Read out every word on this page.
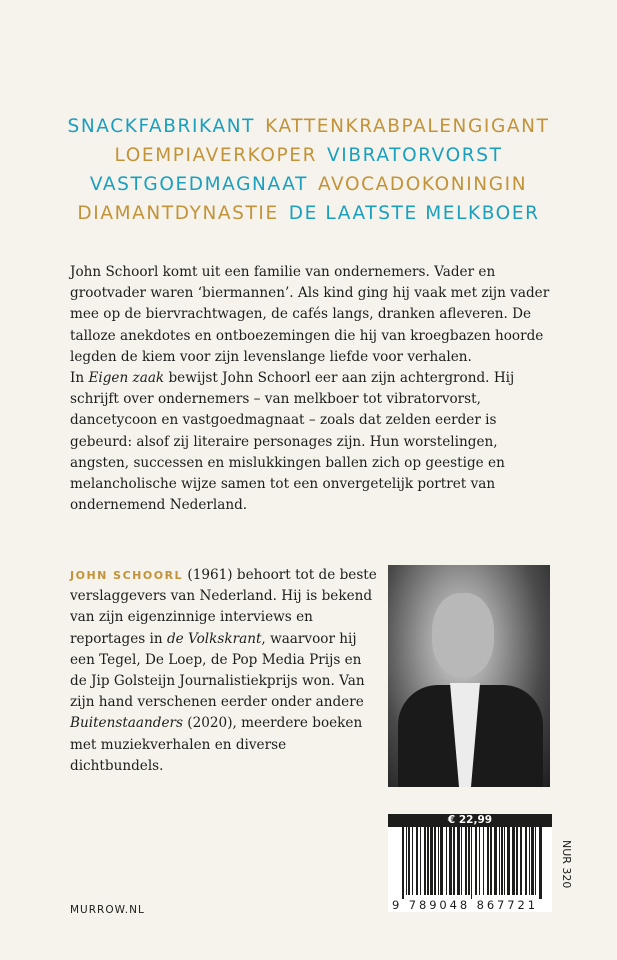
SNACKFABRIKANT KATTENKRABPALENGIGANT
LOEMPIAVERKOPER VIBRATORVORST
VASTGOEDMAGNAAT AVOCADOKONINGIN
DIAMANTDYNASTIE DE LAATSTE MELKBOER

John Schoorl komt uit een familie van ondernemers. Vader en grootvader waren ‘biermannen’. Als kind ging hij vaak met zijn vader mee op de biervrachtwagen, de cafés langs, dranken afleveren. De talloze anekdotes en ontboezemingen die hij van kroegbazen hoorde legden de kiem voor zijn levenslange liefde voor verhalen.

In Eigen zaak bewijst John Schoorl eer aan zijn achtergrond. Hij schrijft over ondernemers – van melkboer tot vibratorvorst, dancetycoon en vastgoedmagnaat – zoals dat zelden eerder is gebeurd: alsof zij literaire personages zijn. Hun worstelingen, angsten, successen en mislukkingen ballen zich op geestige en melancholische wijze samen tot een onvergetelijk portret van ondernemend Nederland.

JOHN SCHOORL (1961) behoort tot de beste verslaggevers van Nederland. Hij is bekend van zijn eigenzinnige interviews en reportages in de Volkskrant, waarvoor hij een Tegel, De Loep, de Pop Media Prijs en de Jip Golsteijn Journalistiekprijs won. Van zijn hand verschenen eerder onder andere Buitenstaanders (2020), meerdere boeken met muziekverhalen en diverse dichtbundels.
€ 22,99
9 789048 867721
NUR 320
MURROW.NL
